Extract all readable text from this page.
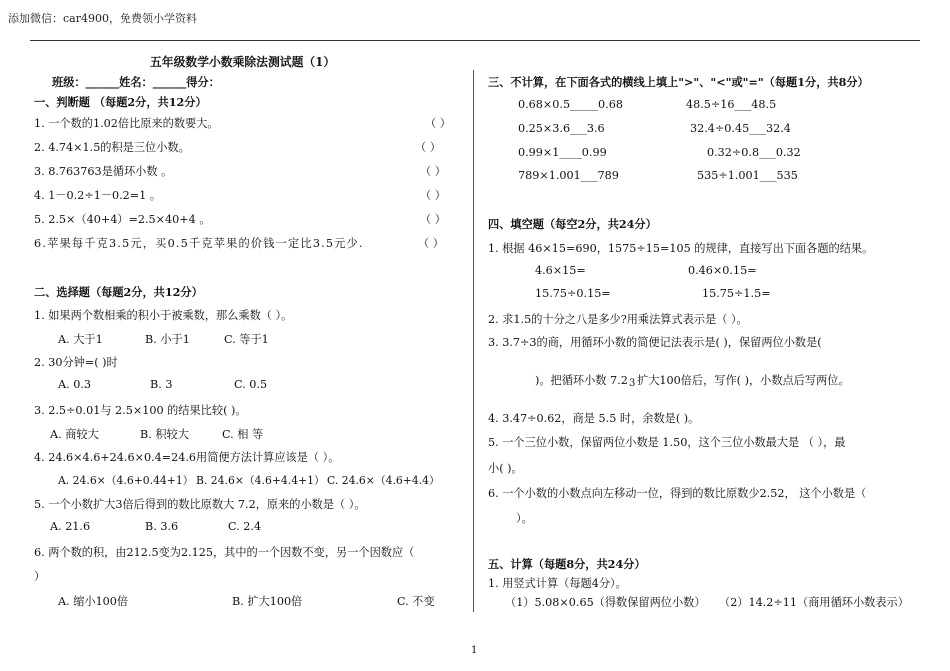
添加微信：car4900，免费领小学资料
五年级数学小数乘除法测试题（1）
班级：______姓名：______得分：
一、判断题 （每题2分，共12分）
1. 一个数的1.02倍比原来的数要大。	（ ）
2. 4.74×1.5的积是三位小数。	（ ）
3. 8.763763是循环小数 。	（ ）
4. 1－0.2÷1－0.2=1 。	（ ）
5. 2.5×（40+4）=2.5×40+4 。	（ ）
6.苹果每千克3.5元，买0.5千克苹果的价钱一定比3.5元少.	（ ）
二、选择题（每题2分，共12分）
1. 如果两个数相乘的积小于被乘数，那么乘数（ ）。
A. 大于1	B. 小于1	C. 等于1
2. 30分钟=( )时
A. 0.3	B. 3	C. 0.5
3. 2.5÷0.01与 2.5×100 的结果比较( )。
A. 商较大	B. 积较大	C. 相 等
4. 24.6×4.6+24.6×0.4=24.6用简便方法计算应该是（ ）。
A. 24.6×（4.6+0.44+1） B. 24.6×（4.6+4.4+1） C. 24.6×（4.6+4.4）
5. 一个小数扩大3倍后得到的数比原数大 7.2，原来的小数是（ ）。
A. 21.6	B. 3.6	C. 2.4
6. 两个数的积，由212.5变为2.125，其中的一个因数不变，另一个因数应（
）
A. 缩小100倍	B. 扩大100倍	C. 不变
三、不计算，在下面各式的横线上填上">"、"<"或"="（每题1分，共8分）
0.68×0.5_____0.68	48.5÷16___48.5
0.25×3.6___3.6	32.4÷0.45___32.4
0.99×1____0.99	0.32÷0.8___0.32
789×1.001___789	535÷1.001___535
四、填空题（每空2分，共24分）
1. 根据 46×15=690，1575÷15=105 的规律，直接写出下面各题的结果。
4.6×15=	0.46×0.15=
15.75÷0.15=	15.75÷1.5=
2. 求1.5的十分之八是多少?用乘法算式表示是（ ）。
3. 3.7÷3的商，用循环小数的简便记法表示是( )，保留两位小数是(
)。把循环小数 7.2 3 扩大100倍后，写作( )，小数点后写两位。
4. 3.47÷0.62，商是 5.5 时，余数是( )。
5. 一个三位小数，保留两位小数是 1.50，这个三位小数最大是 （ ），最
小( )。
6. 一个小数的小数点向左移动一位，得到的数比原数少2.52， 这个小数是（
）。
五、计算（每题8分，共24分）
1. 用竖式计算（每题4分）。
（1）5.08×0.65（得数保留两位小数） （2）14.2÷11（商用循环小数表示）
1
